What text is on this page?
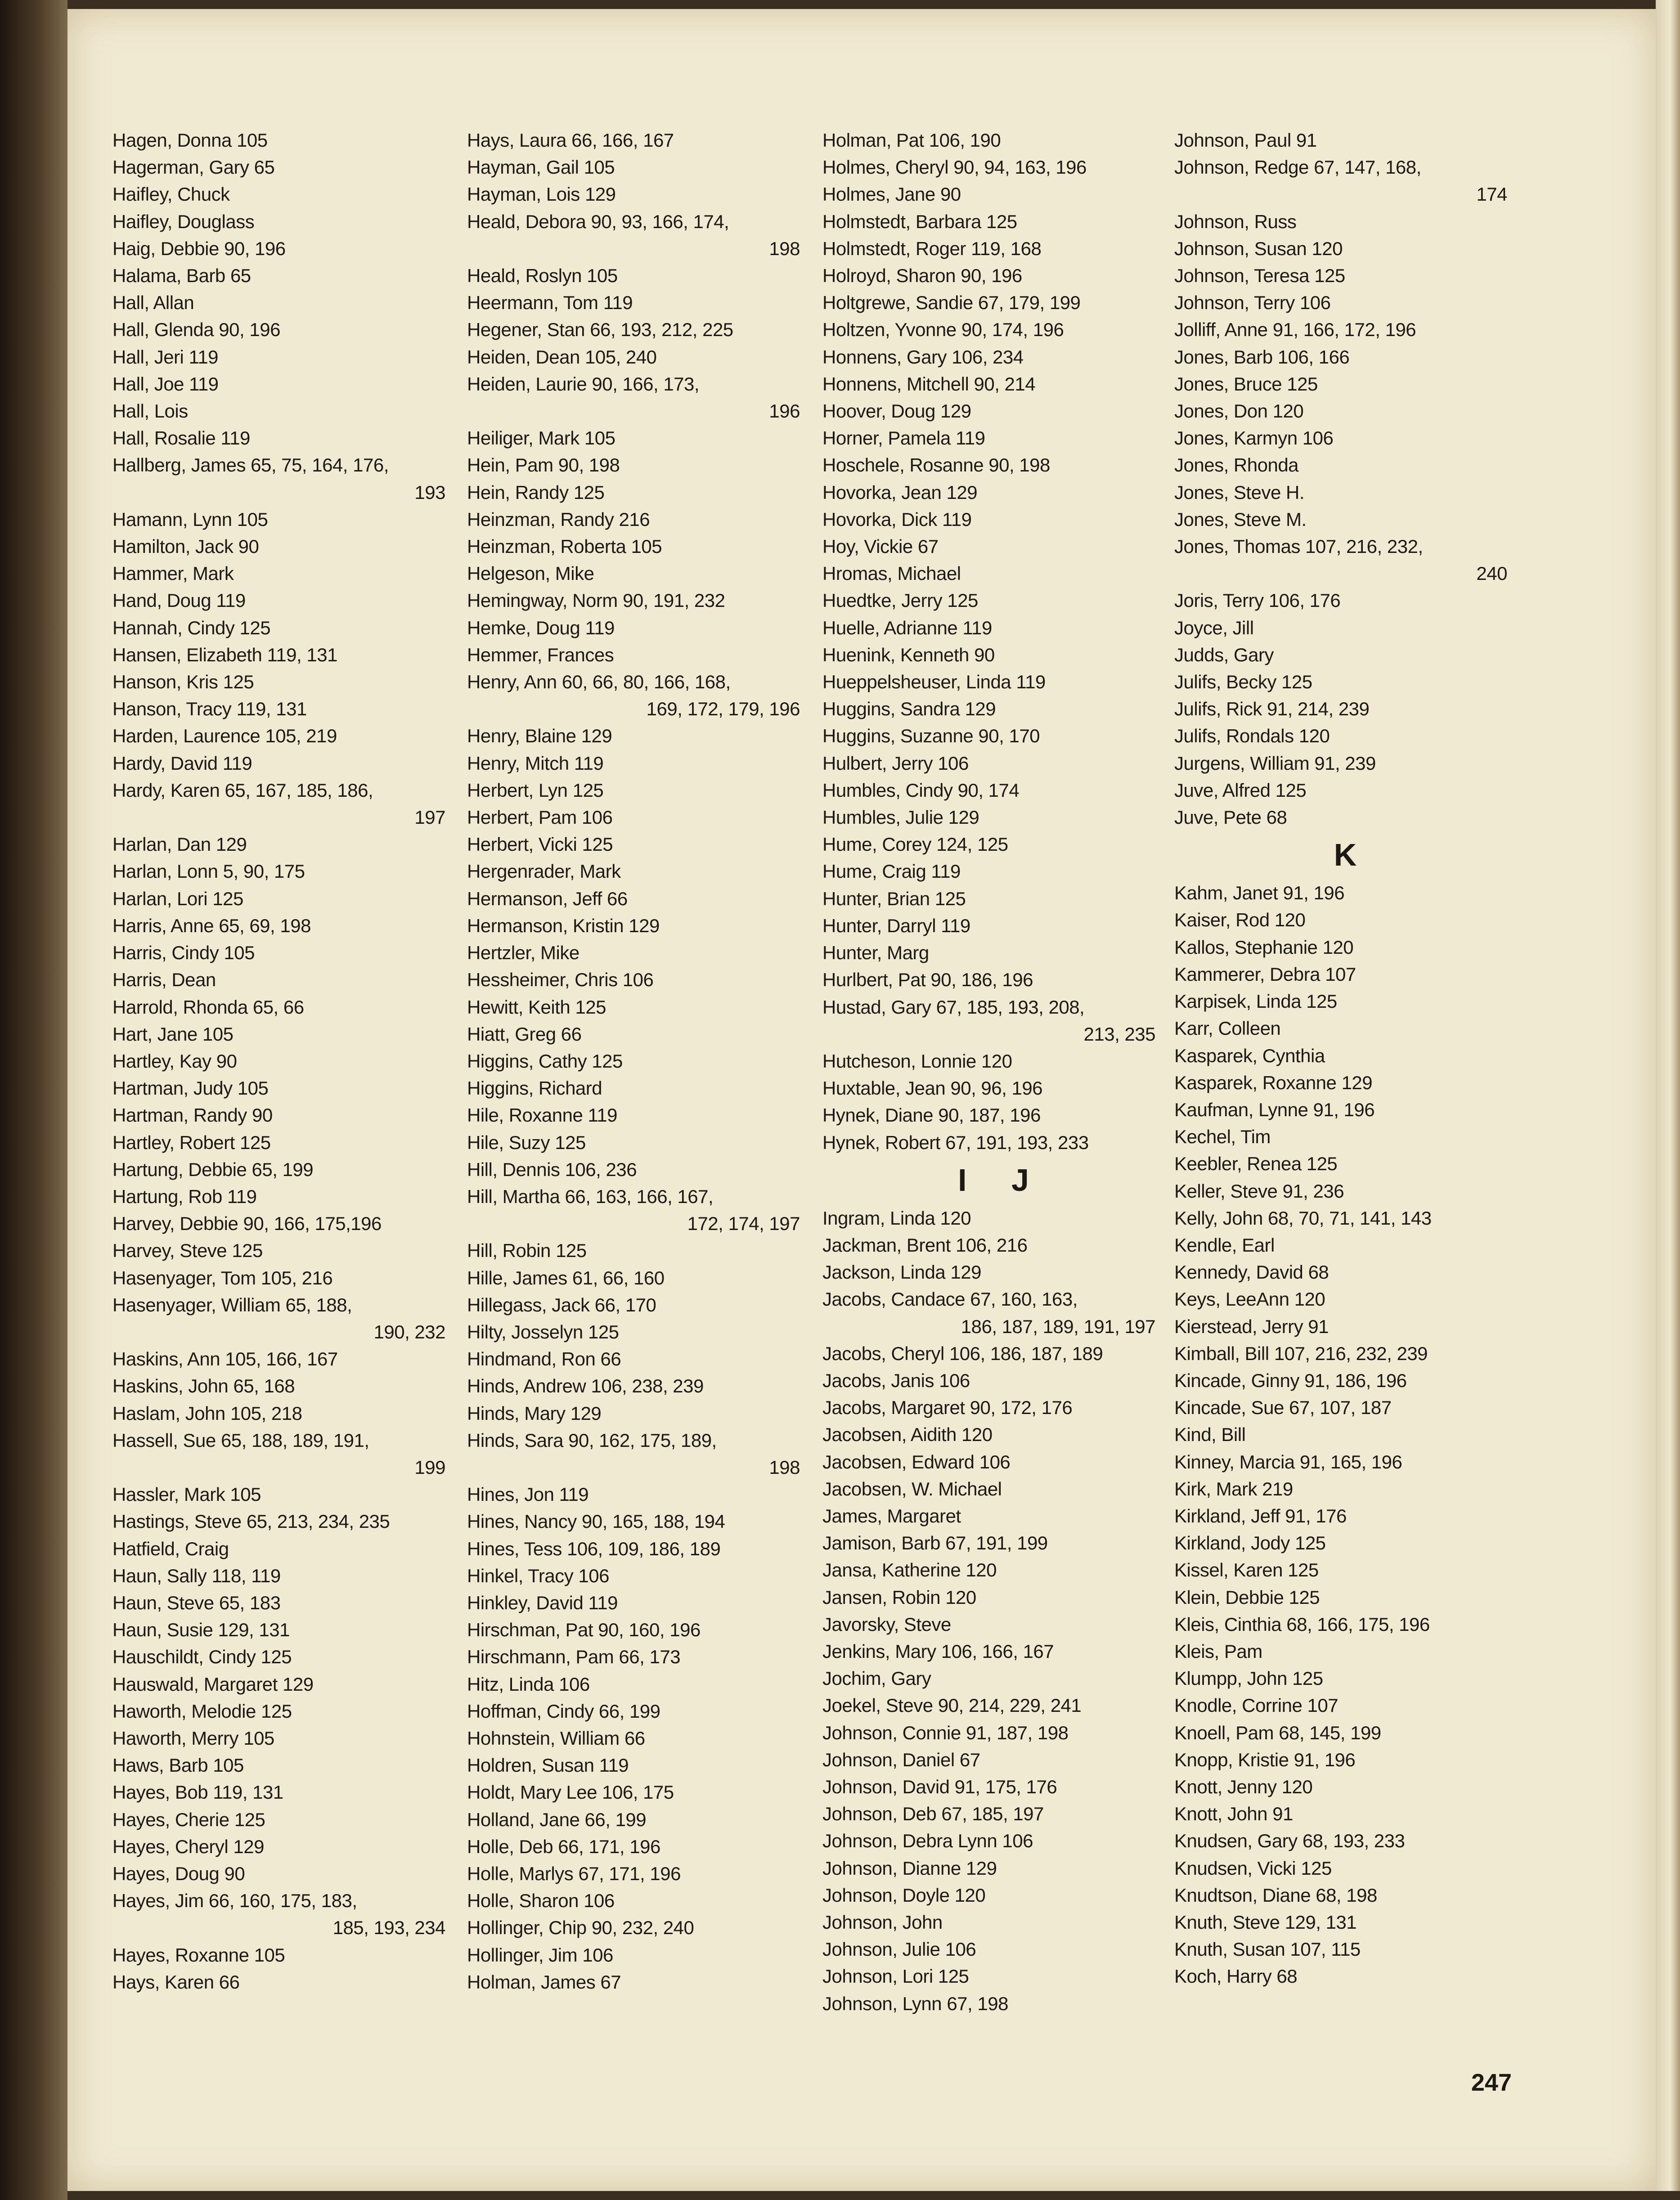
Hagen, Donna 105
Hagerman, Gary 65
Haifley, Chuck
Haifley, Douglass
Haig, Debbie 90, 196
Halama, Barb 65
Hall, Allan
Hall, Glenda 90, 196
Hall, Jeri 119
Hall, Joe 119
Hall, Lois
Hall, Rosalie 119
Hallberg, James 65, 75, 164, 176,
193
Hamann, Lynn 105
Hamilton, Jack 90
Hammer, Mark
Hand, Doug 119
Hannah, Cindy 125
Hansen, Elizabeth 119, 131
Hanson, Kris 125
Hanson, Tracy 119, 131
Harden, Laurence 105, 219
Hardy, David 119
Hardy, Karen 65, 167, 185, 186,
197
Harlan, Dan 129
Harlan, Lonn 5, 90, 175
Harlan, Lori 125
Harris, Anne 65, 69, 198
Harris, Cindy 105
Harris, Dean
Harrold, Rhonda 65, 66
Hart, Jane 105
Hartley, Kay 90
Hartman, Judy 105
Hartman, Randy 90
Hartley, Robert 125
Hartung, Debbie 65, 199
Hartung, Rob 119
Harvey, Debbie 90, 166, 175,196
Harvey, Steve 125
Hasenyager, Tom 105, 216
Hasenyager, William 65, 188,
190, 232
Haskins, Ann 105, 166, 167
Haskins, John 65, 168
Haslam, John 105, 218
Hassell, Sue 65, 188, 189, 191,
199
Hassler, Mark 105
Hastings, Steve 65, 213, 234, 235
Hatfield, Craig
Haun, Sally 118, 119
Haun, Steve 65, 183
Haun, Susie 129, 131
Hauschildt, Cindy 125
Hauswald, Margaret 129
Haworth, Melodie 125
Haworth, Merry 105
Haws, Barb 105
Hayes, Bob 119, 131
Hayes, Cherie 125
Hayes, Cheryl 129
Hayes, Doug 90
Hayes, Jim 66, 160, 175, 183,
185, 193, 234
Hayes, Roxanne 105
Hays, Karen 66
Hays, Laura 66, 166, 167
Hayman, Gail 105
Hayman, Lois 129
Heald, Debora 90, 93, 166, 174,
198
Heald, Roslyn 105
Heermann, Tom 119
Hegener, Stan 66, 193, 212, 225
Heiden, Dean 105, 240
Heiden, Laurie 90, 166, 173,
196
Heiliger, Mark 105
Hein, Pam 90, 198
Hein, Randy 125
Heinzman, Randy 216
Heinzman, Roberta 105
Helgeson, Mike
Hemingway, Norm 90, 191, 232
Hemke, Doug 119
Hemmer, Frances
Henry, Ann 60, 66, 80, 166, 168,
169, 172, 179, 196
Henry, Blaine 129
Henry, Mitch 119
Herbert, Lyn 125
Herbert, Pam 106
Herbert, Vicki 125
Hergenrader, Mark
Hermanson, Jeff 66
Hermanson, Kristin 129
Hertzler, Mike
Hessheimer, Chris 106
Hewitt, Keith 125
Hiatt, Greg 66
Higgins, Cathy 125
Higgins, Richard
Hile, Roxanne 119
Hile, Suzy 125
Hill, Dennis 106, 236
Hill, Martha 66, 163, 166, 167,
172, 174, 197
Hill, Robin 125
Hille, James 61, 66, 160
Hillegass, Jack 66, 170
Hilty, Josselyn 125
Hindmand, Ron 66
Hinds, Andrew 106, 238, 239
Hinds, Mary 129
Hinds, Sara 90, 162, 175, 189,
198
Hines, Jon 119
Hines, Nancy 90, 165, 188, 194
Hines, Tess 106, 109, 186, 189
Hinkel, Tracy 106
Hinkley, David 119
Hirschman, Pat 90, 160, 196
Hirschmann, Pam 66, 173
Hitz, Linda 106
Hoffman, Cindy 66, 199
Hohnstein, William 66
Holdren, Susan 119
Holdt, Mary Lee 106, 175
Holland, Jane 66, 199
Holle, Deb 66, 171, 196
Holle, Marlys 67, 171, 196
Holle, Sharon 106
Hollinger, Chip 90, 232, 240
Hollinger, Jim 106
Holman, James 67
Holman, Pat 106, 190
Holmes, Cheryl 90, 94, 163, 196
Holmes, Jane 90
Holmstedt, Barbara 125
Holmstedt, Roger 119, 168
Holroyd, Sharon 90, 196
Holtgrewe, Sandie 67, 179, 199
Holtzen, Yvonne 90, 174, 196
Honnens, Gary 106, 234
Honnens, Mitchell 90, 214
Hoover, Doug 129
Horner, Pamela 119
Hoschele, Rosanne 90, 198
Hovorka, Jean 129
Hovorka, Dick 119
Hoy, Vickie 67
Hromas, Michael
Huedtke, Jerry 125
Huelle, Adrianne 119
Huenink, Kenneth 90
Hueppelsheuser, Linda 119
Huggins, Sandra 129
Huggins, Suzanne 90, 170
Hulbert, Jerry 106
Humbles, Cindy 90, 174
Humbles, Julie 129
Hume, Corey 124, 125
Hume, Craig 119
Hunter, Brian 125
Hunter, Darryl 119
Hunter, Marg
Hurlbert, Pat 90, 186, 196
Hustad, Gary 67, 185, 193, 208,
213, 235
Hutcheson, Lonnie 120
Huxtable, Jean 90, 96, 196
Hynek, Diane 90, 187, 196
Hynek, Robert 67, 191, 193, 233
I J
Ingram, Linda 120
Jackman, Brent 106, 216
Jackson, Linda 129
Jacobs, Candace 67, 160, 163,
186, 187, 189, 191, 197
Jacobs, Cheryl 106, 186, 187, 189
Jacobs, Janis 106
Jacobs, Margaret 90, 172, 176
Jacobsen, Aidith 120
Jacobsen, Edward 106
Jacobsen, W. Michael
James, Margaret
Jamison, Barb 67, 191, 199
Jansa, Katherine 120
Jansen, Robin 120
Javorsky, Steve
Jenkins, Mary 106, 166, 167
Jochim, Gary
Joekel, Steve 90, 214, 229, 241
Johnson, Connie 91, 187, 198
Johnson, Daniel 67
Johnson, David 91, 175, 176
Johnson, Deb 67, 185, 197
Johnson, Debra Lynn 106
Johnson, Dianne 129
Johnson, Doyle 120
Johnson, John
Johnson, Julie 106
Johnson, Lori 125
Johnson, Lynn 67, 198
Johnson, Paul 91
Johnson, Redge 67, 147, 168,
174
Johnson, Russ
Johnson, Susan 120
Johnson, Teresa 125
Johnson, Terry 106
Jolliff, Anne 91, 166, 172, 196
Jones, Barb 106, 166
Jones, Bruce 125
Jones, Don 120
Jones, Karmyn 106
Jones, Rhonda
Jones, Steve H.
Jones, Steve M.
Jones, Thomas 107, 216, 232,
240
Joris, Terry 106, 176
Joyce, Jill
Judds, Gary
Julifs, Becky 125
Julifs, Rick 91, 214, 239
Julifs, Rondals 120
Jurgens, William 91, 239
Juve, Alfred 125
Juve, Pete 68
K
Kahm, Janet 91, 196
Kaiser, Rod 120
Kallos, Stephanie 120
Kammerer, Debra 107
Karpisek, Linda 125
Karr, Colleen
Kasparek, Cynthia
Kasparek, Roxanne 129
Kaufman, Lynne 91, 196
Kechel, Tim
Keebler, Renea 125
Keller, Steve 91, 236
Kelly, John 68, 70, 71, 141, 143
Kendle, Earl
Kennedy, David 68
Keys, LeeAnn 120
Kierstead, Jerry 91
Kimball, Bill 107, 216, 232, 239
Kincade, Ginny 91, 186, 196
Kincade, Sue 67, 107, 187
Kind, Bill
Kinney, Marcia 91, 165, 196
Kirk, Mark 219
Kirkland, Jeff 91, 176
Kirkland, Jody 125
Kissel, Karen 125
Klein, Debbie 125
Kleis, Cinthia 68, 166, 175, 196
Kleis, Pam
Klumpp, John 125
Knodle, Corrine 107
Knoell, Pam 68, 145, 199
Knopp, Kristie 91, 196
Knott, Jenny 120
Knott, John 91
Knudsen, Gary 68, 193, 233
Knudsen, Vicki 125
Knudtson, Diane 68, 198
Knuth, Steve 129, 131
Knuth, Susan 107, 115
Koch, Harry 68
247
